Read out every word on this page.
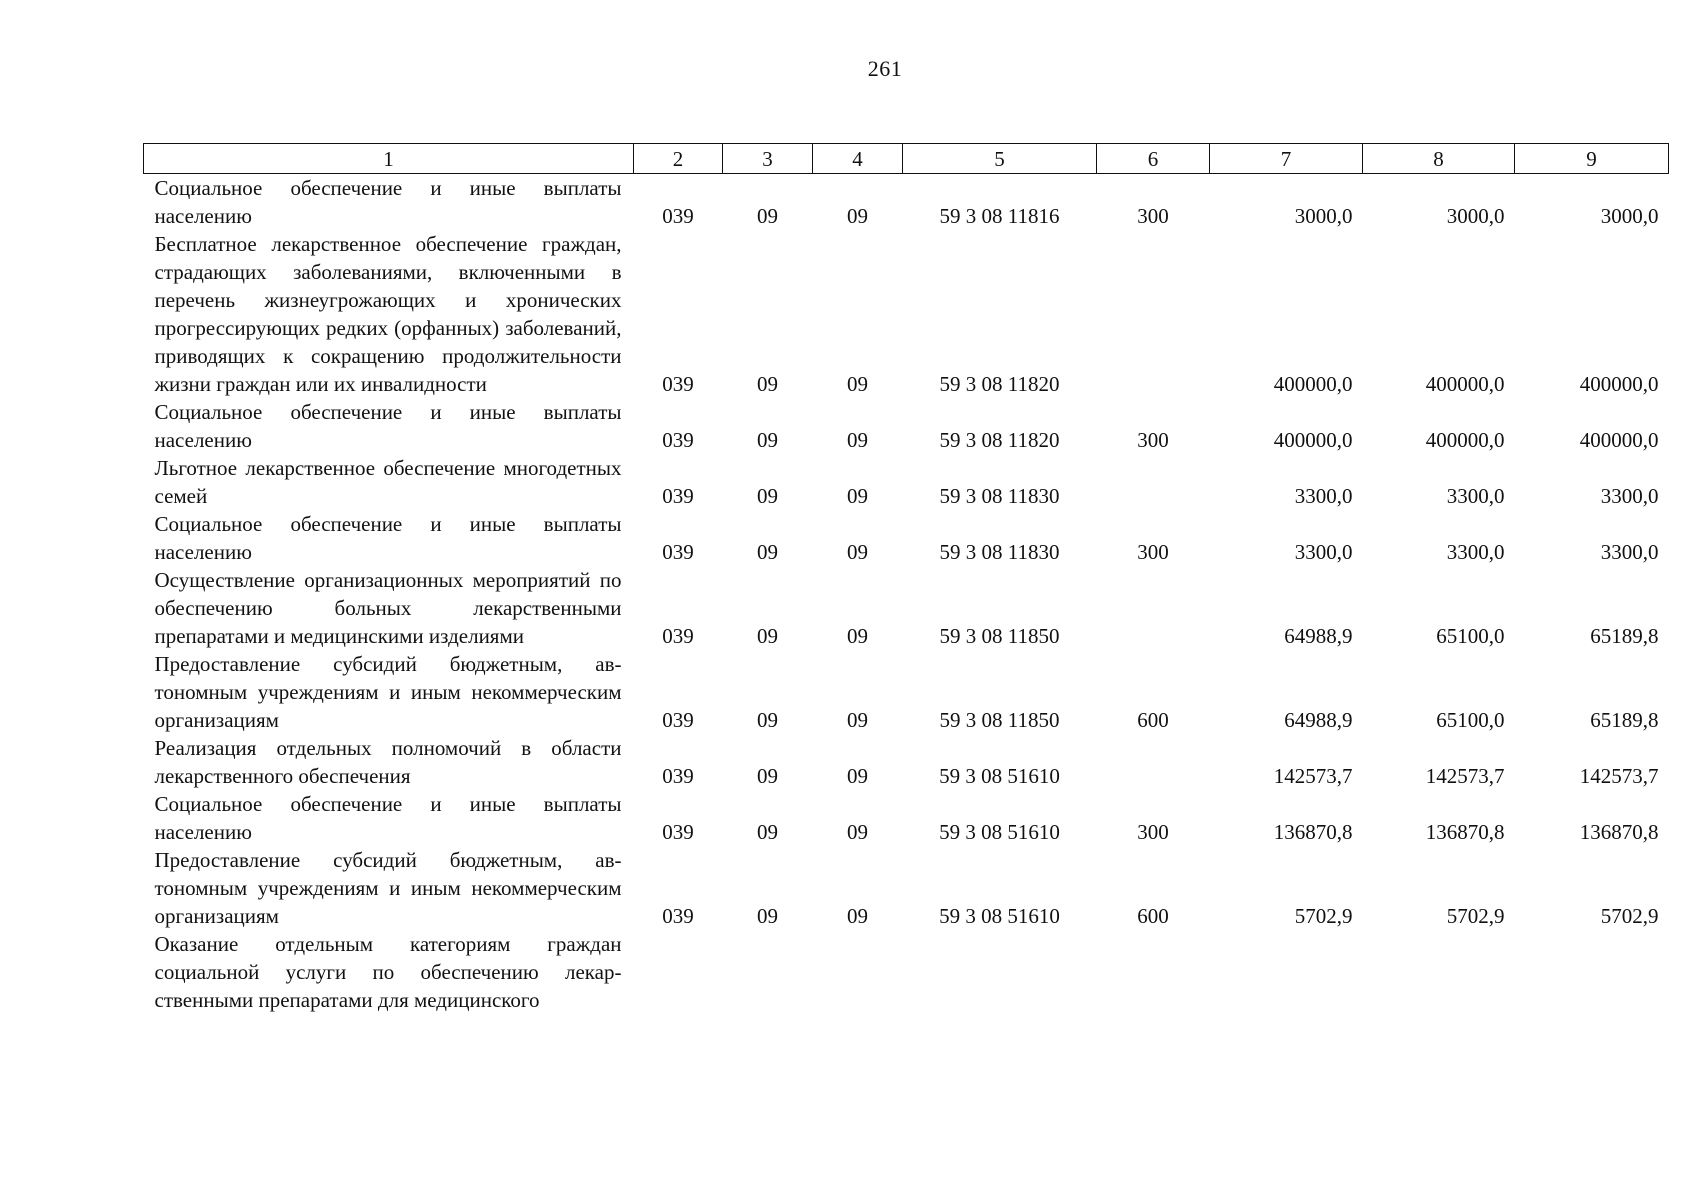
261
1	2	3	4	5	6	7	8	9
Социальное обеспечение и иные выплаты населению	039	09	09	59 3 08 11816	300	3000,0	3000,0	3000,0
Бесплатное лекарственное обеспечение граждан, страдающих заболеваниями, включенными в перечень жизнеугрожающих и хронических прогрессирующих редких (орфанных) заболеваний, приводящих к сокращению продолжительности жизни граждан или их инвалидности	039	09	09	59 3 08 11820		400000,0	400000,0	400000,0
Социальное обеспечение и иные выплаты населению	039	09	09	59 3 08 11820	300	400000,0	400000,0	400000,0
Льготное лекарственное обеспечение многодетных семей	039	09	09	59 3 08 11830		3300,0	3300,0	3300,0
Социальное обеспечение и иные выплаты населению	039	09	09	59 3 08 11830	300	3300,0	3300,0	3300,0
Осуществление организационных мероприятий по обеспечению больных лекарственными препаратами и медицинскими изделиями	039	09	09	59 3 08 11850		64988,9	65100,0	65189,8
Предоставление субсидий бюджетным, автономным учреждениям и иным некоммерческим организациям	039	09	09	59 3 08 11850	600	64988,9	65100,0	65189,8
Реализация отдельных полномочий в области лекарственного обеспечения	039	09	09	59 3 08 51610		142573,7	142573,7	142573,7
Социальное обеспечение и иные выплаты населению	039	09	09	59 3 08 51610	300	136870,8	136870,8	136870,8
Предоставление субсидий бюджетным, автономным учреждениям и иным некоммерческим организациям	039	09	09	59 3 08 51610	600	5702,9	5702,9	5702,9
Оказание отдельным категориям граждан социальной услуги по обеспечению лекарственными препаратами для медицинского								
